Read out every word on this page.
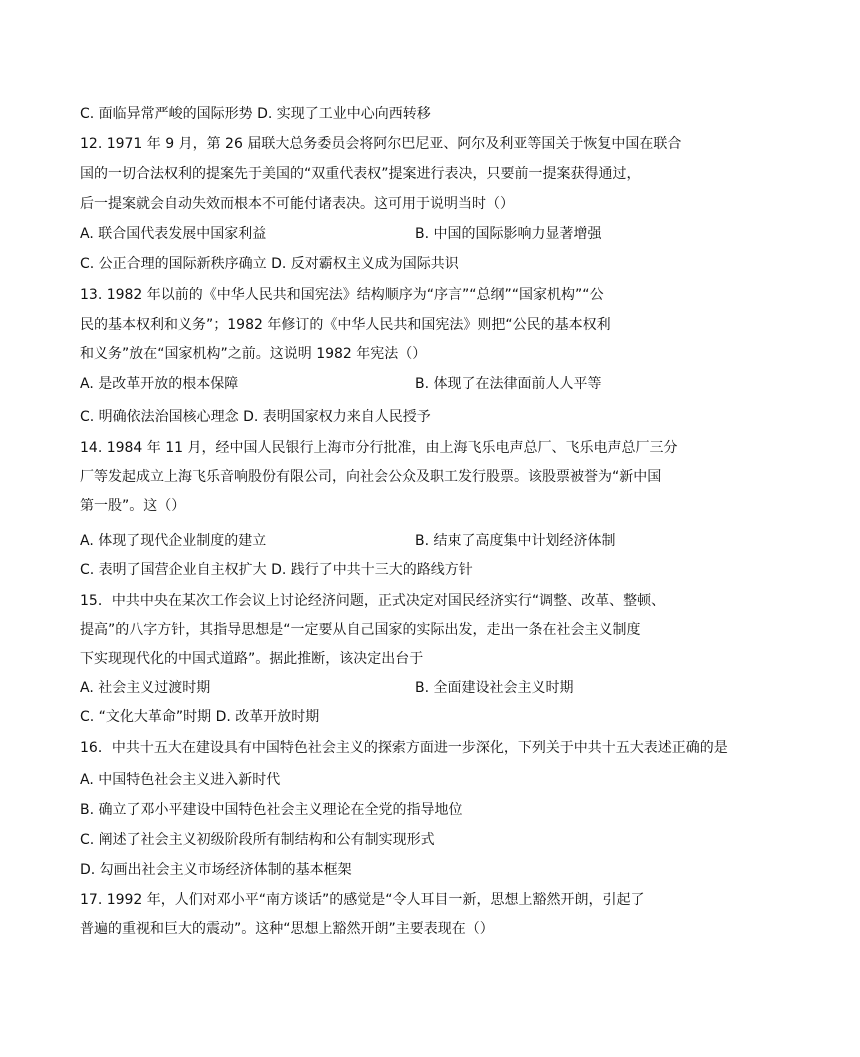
C. 面临异常严峻的国际形势 D. 实现了工业中心向西转移
12. 1971 年 9 月，第 26 届联大总务委员会将阿尔巴尼亚、阿尔及利亚等国关于恢复中国在联合
国的一切合法权利的提案先于美国的“双重代表权”提案进行表决，只要前一提案获得通过，
后一提案就会自动失效而根本不可能付诸表决。这可用于说明当时（）
A. 联合国代表发展中国家利益	B. 中国的国际影响力显著增强
C. 公正合理的国际新秩序确立 D. 反对霸权主义成为国际共识
13. 1982 年以前的《中华人民共和国宪法》结构顺序为“序言”“总纲”“国家机构”“公
民的基本权利和义务”；1982 年修订的《中华人民共和国宪法》则把“公民的基本权利
和义务”放在“国家机构”之前。这说明 1982 年宪法（）
A. 是改革开放的根本保障	B. 体现了在法律面前人人平等
C. 明确依法治国核心理念 D. 表明国家权力来自人民授予
14. 1984 年 11 月，经中国人民银行上海市分行批准，由上海飞乐电声总厂、飞乐电声总厂三分
厂等发起成立上海飞乐音响股份有限公司，向社会公众及职工发行股票。该股票被誉为“新中国
第一股”。这（）
A. 体现了现代企业制度的建立	B. 结束了高度集中计划经济体制
C. 表明了国营企业自主权扩大 D. 践行了中共十三大的路线方针
15．中共中央在某次工作会议上讨论经济问题，正式决定对国民经济实行“调整、改革、整顿、
提高”的八字方针，其指导思想是“一定要从自己国家的实际出发，走出一条在社会主义制度
下实现现代化的中国式道路”。据此推断，该决定出台于
A. 社会主义过渡时期	B. 全面建设社会主义时期
C. “文化大革命”时期 D. 改革开放时期
16．中共十五大在建设具有中国特色社会主义的探索方面进一步深化，下列关于中共十五大表述正确的是
A. 中国特色社会主义进入新时代
B. 确立了邓小平建设中国特色社会主义理论在全党的指导地位
C. 阐述了社会主义初级阶段所有制结构和公有制实现形式
D. 勾画出社会主义市场经济体制的基本框架
17. 1992 年，人们对邓小平“南方谈话”的感觉是“令人耳目一新，思想上豁然开朗，引起了
普遍的重视和巨大的震动”。这种“思想上豁然开朗”主要表现在（）
